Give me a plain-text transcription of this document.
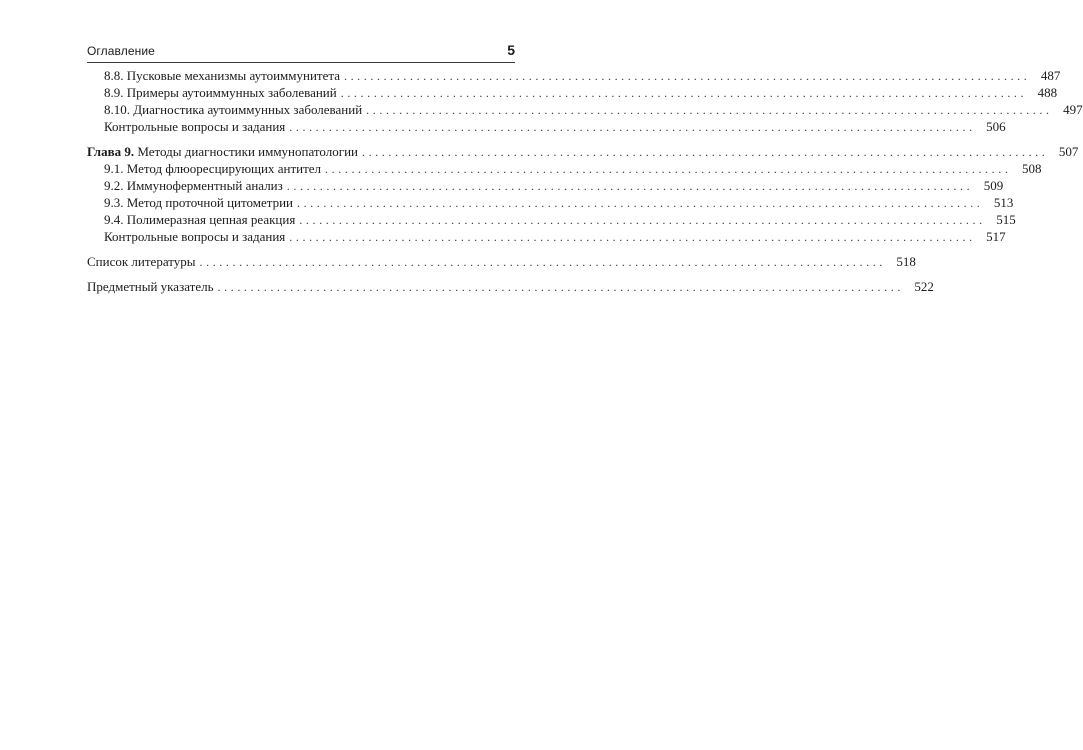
Оглавление	5
8.8. Пусковые механизмы аутоиммунитета ........................................................................................................ 487
8.9. Примеры аутоиммунных заболеваний ........................................................................................................ 488
8.10. Диагностика аутоиммунных заболеваний ........................................................................................................ 497
Контрольные вопросы и задания ........................................................................................................ 506
Глава 9. Методы диагностики иммунопатологии ........................................................................................................ 507
9.1. Метод флюоресцирующих антител ........................................................................................................ 508
9.2. Иммуноферментный анализ ........................................................................................................ 509
9.3. Метод проточной цитометрии ........................................................................................................ 513
9.4. Полимеразная цепная реакция ........................................................................................................ 515
Контрольные вопросы и задания ........................................................................................................ 517
Список литературы ........................................................................................................ 518
Предметный указатель ........................................................................................................ 522
